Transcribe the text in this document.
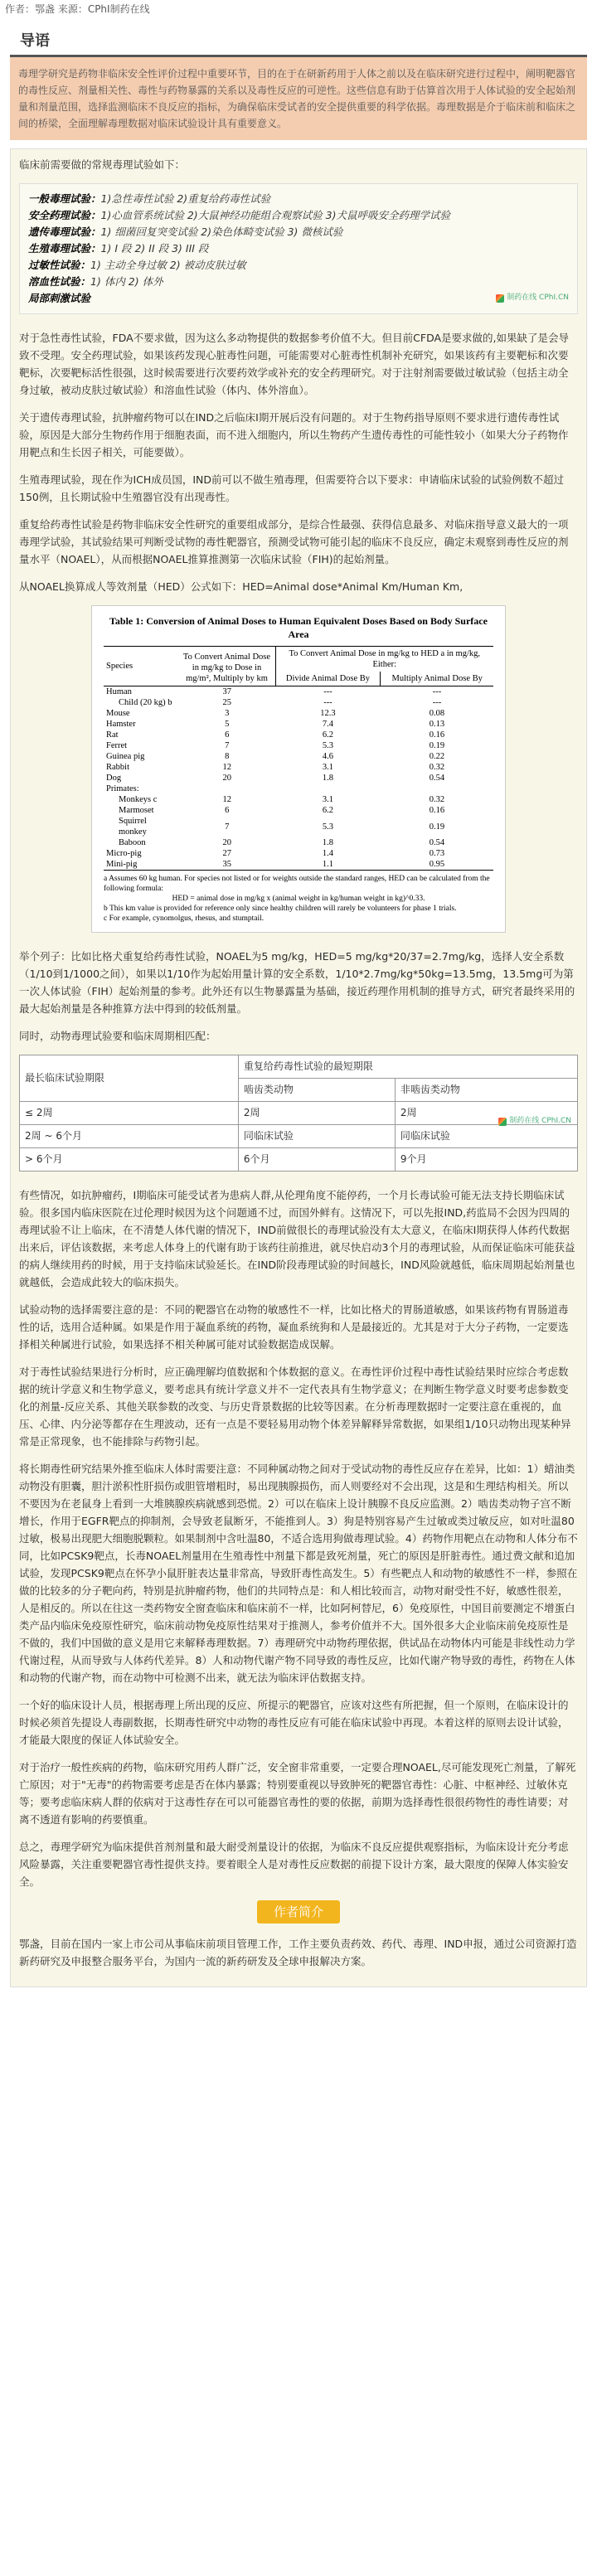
作者：鄂盏 来源：CPhI制药在线
导语
毒理学研究是药物非临床安全性评价过程中重要环节，目的在于在研新药用于人体之前以及在临床研究进行过程中，阐明靶器官的毒性反应、剂量相关性、毒性与药物暴露的关系以及毒性反应的可逆性。这些信息有助于估算首次用于人体试验的安全起始剂量和剂量范围，选择监测临床不良反应的指标，为确保临床受试者的安全提供重要的科学依据。毒理数据是介于临床前和临床之间的桥梁，全面理解毒理数据对临床试验设计具有重要意义。

临床前需要做的常规毒理试验如下：

一般毒理试验：1)急性毒性试验 2)重复给药毒性试验
安全药理试验：1)心血管系统试验 2)大鼠神经功能组合观察试验 3)犬鼠呼吸安全药理学试验
遗传毒理试验：1) 细菌回复突变试验 2)染色体畸变试验 3) 微核试验
生殖毒理试验：1) I 段 2) II 段 3) III 段
过敏性试验：1) 主动全身过敏 2) 被动皮肤过敏
溶血性试验：1) 体内 2) 体外
局部刺激试验	制药在线 CPhI.CN

对于急性毒性试验，FDA不要求做，因为这么多动物提供的数据参考价值不大。但目前CFDA是要求做的,如果缺了是会导致不受理。安全药理试验，如果该药发现心脏毒性问题，可能需要对心脏毒性机制补充研究，如果该药有主要靶标和次要靶标，次要靶标活性很强，这时候需要进行次要药效学或补充的安全药理研究。对于注射剂需要做过敏试验（包括主动全身过敏，被动皮肤过敏试验）和溶血性试验（体内、体外溶血）。

关于遗传毒理试验，抗肿瘤药物可以在IND之后临床I期开展后没有问题的。对于生物药指导原则不要求进行遗传毒性试验，原因是大部分生物药作用于细胞表面，而不进入细胞内，所以生物药产生遗传毒性的可能性较小（如果大分子药物作用靶点和生长因子相关，可能要做）。

生殖毒理试验，现在作为ICH成员国，IND前可以不做生殖毒理，但需要符合以下要求：申请临床试验的试验例数不超过150例，且长期试验中生殖器官没有出现毒性。

重复给药毒性试验是药物非临床安全性研究的重要组成部分，是综合性最强、获得信息最多、对临床指导意义最大的一项毒理学试验，其试验结果可判断受试物的毒性靶器官，预测受试物可能引起的临床不良反应，确定未观察到毒性反应的剂量水平（NOAEL），从而根据NOAEL推算推测第一次临床试验（FIH)的起始剂量。

从NOAEL换算成人等效剂量（HED）公式如下：HED=Animal dose*Animal Km/Human Km,

Table 1: Conversion of Animal Doses to Human Equivalent Doses Based on Body Surface Area
Species	To Convert Animal Dose in mg/kg to Dose in mg/m², Multiply by km	To Convert Animal Dose in mg/kg to HED a in mg/kg, Either:	
		Divide Animal Dose By	Multiply Animal Dose By
Human	37	---	---
Child (20 kg) b	25	---	---
Mouse	3	12.3	0.08
Hamster	5	7.4	0.13
Rat	6	6.2	0.16
Ferret	7	5.3	0.19
Guinea pig	8	4.6	0.22
Rabbit	12	3.1	0.32
Dog	20	1.8	0.54
Primates:			
Monkeys c	12	3.1	0.32
Marmoset	6	6.2	0.16
Squirrel monkey	7	5.3	0.19
Baboon	20	1.8	0.54
Micro-pig	27	1.4	0.73
Mini-pig	35	1.1	0.95
a Assumes 60 kg human. For species not listed or for weights outside the standard ranges, HED can be calculated from the following formula:
HED = animal dose in mg/kg x (animal weight in kg/human weight in kg)^0.33.
b This km value is provided for reference only since healthy children will rarely be volunteers for phase 1 trials.
c For example, cynomolgus, rhesus, and stumptail.

举个列子：比如比格犬重复给药毒性试验，NOAEL为5 mg/kg，HED=5 mg/kg*20/37=2.7mg/kg，选择人安全系数（1/10到1/1000之间），如果以1/10作为起始用量计算的安全系数，1/10*2.7mg/kg*50kg=13.5mg，13.5mg可为第一次人体试验（FIH）起始剂量的参考。此外还有以生物暴露量为基础，接近药理作用机制的推导方式，研究者最终采用的最大起始剂量是各种推算方法中得到的较低剂量。

同时，动物毒理试验要和临床周期相匹配：

最长临床试验期限	重复给药毒性试验的最短期限	
	啮齿类动物	非啮齿类动物
≤ 2周	2周	2周
2周 ~ 6个月	同临床试验	同临床试验
> 6个月	6个月	9个月
制药在线 CPhI.CN

有些情况，如抗肿瘤药，I期临床可能受试者为患病人群,从伦理角度不能停药，一个月长毒试验可能无法支持长期临床试验。很多国内临床医院在过伦理时候因为这个问题通不过，而国外鲜有。这情况下，可以先报IND,药监局不会因为四周的毒理试验不让上临床，在不清楚人体代谢的情况下，IND前做很长的毒理试验没有太大意义，在临床I期获得人体药代数据出来后，评估该数据，来考虑人体身上的代谢有助于该药往前推进，就尽快启动3个月的毒理试验，从而保证临床可能获益的病人继续用药的时候，用于支持临床试验延长。在IND阶段毒理试验的时间越长，IND风险就越低，临床周期起始剂量也就越低，会造成此较大的临床损失。

试验动物的选择需要注意的是：不同的靶器官在动物的敏感性不一样，比如比格犬的胃肠道敏感，如果该药物有胃肠道毒性的话，选用合适种属。如果是作用于凝血系统的药物，凝血系统狗和人是最接近的。尤其是对于大分子药物，一定要选择相关种属进行试验，如果选择不相关种属可能对试验数据造成误解。

对于毒性试验结果进行分析时，应正确理解均值数据和个体数据的意义。在毒性评价过程中毒性试验结果时应综合考虑数据的统计学意义和生物学意义，要考虑具有统计学意义并不一定代表具有生物学意义；在判断生物学意义时要考虑参数变化的剂量-反应关系、其他关联参数的改变、与历史背景数据的比较等因素。在分析毒理数据时一定要注意在重视的，血压、心律、内分泌等都存在生理波动，还有一点是不要轻易用动物个体差异解释异常数据，如果组1/10只动物出现某种异常是正常现象，也不能排除与药物引起。

将长期毒性研究结果外推至临床人体时需要注意：不同种属动物之间对于受试动物的毒性反应存在差异，比如：1）蜡油类动物没有胆囊，胆汁淤积性肝损伤或胆管增粗时，易出现胰腺损伤，而人则要经对不会出现，这是和生理结构相关。所以不要因为在老鼠身上看到一大堆胰腺疾病就感到恐慌。2）可以在临床上设计胰腺不良反应监测。2）啮齿类动物子宫不断增长，作用于EGFR靶点的抑制剂，会导致老鼠断牙，不能推到人。3）狗是特别容易产生过敏或类过敏反应，如对吐温80过敏，极易出现肥大细胞脱颗粒。如果制剂中含吐温80，不适合选用狗做毒理试验。4）药物作用靶点在动物和人体分布不同，比如PCSK9靶点，长毒NOAEL剂量用在生殖毒性中剂量下都是致死剂量，死亡的原因是肝脏毒性。通过费文献和追加试验，发现PCSK9靶点在怀孕小鼠肝脏表达量非常高，导致肝毒性高发生。5）有些靶点人和动物的敏感性不一样，参照在做的比较多的分子靶向药，特别是抗肿瘤药物，他们的共同特点是：和人相比较而言，动物对耐受性不好，敏感性很差，人是相反的。所以在往这一类药物安全窗查临床和临床前不一样，比如阿柯替尼，6）免疫原性，中国目前要测定不增蛋白类产品内临床免疫原性研究，临床前动物免疫原性结果对于推测人，参考价值并不大。国外很多大企业临床前免疫原性是不做的，我们中国做的意义是用它来解释毒理数据。7）毒理研究中动物药理依据，供试品在动物体内可能是非线性动力学代谢过程，从而导致与人体药代差异。8）人和动物代谢产物不同导致的毒性反应，比如代谢产物导致的毒性，药物在人体和动物的代谢产物，而在动物中可检测不出来，就无法为临床评估数据支持。

一个好的临床设计人员，根据毒理上所出现的反应、所提示的靶器官，应该对这些有所把握，但一个原则，在临床设计的时候必须首先提设人毒副数据，长期毒性研究中动物的毒性反应有可能在临床试验中再现。本着这样的原则去设计试验，才能最大限度的保证人体试验安全。

对于治疗一般性疾病的药物，临床研究用药人群广泛，安全窗非常重要，一定要合理NOAEL,尽可能发现死亡剂量，了解死亡原因；对于"无毒"的药物需要考虑是否在体内暴露；特别要重视以导致肿死的靶器官毒性：心脏、中枢神经、过敏休克等；要考虑临床病人群的依病对于这毒性存在可以可能器官毒性的要的依据，前期为选择毒性很很药物性的毒性请要；对离不透道有影响的药要慎重。

总之，毒理学研究为临床提供首剂剂量和最大耐受剂量设计的依据，为临床不良反应提供观察指标，为临床设计充分考虑风险暴露，关注重要靶器官毒性提供支持。要着眼全人是对毒性反应数据的前提下设计方案，最大限度的保障人体实验安全。

作者简介
鄂盏，目前在国内一家上市公司从事临床前项目管理工作，工作主要负责药效、药代、毒理、IND申报，通过公司资源打造新药研究及申报整合服务平台，为国内一流的新药研发及全球申报解决方案。
